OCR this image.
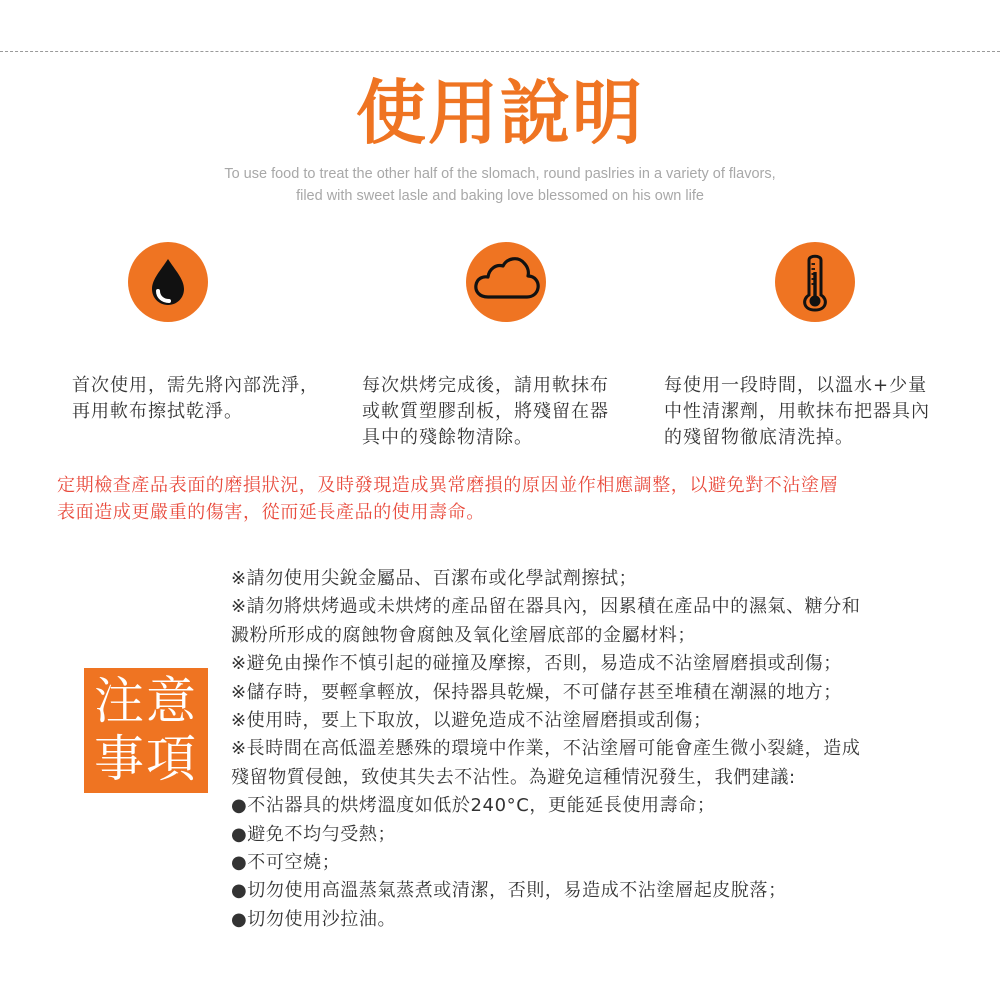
使用說明
To use food to treat the other half of the slomach, round paslries in a variety of flavors,
filed with sweet lasle and baking love blessomed on his own life
首次使用，需先將內部洗淨，
再用軟布擦拭乾淨。
每次烘烤完成後，請用軟抹布
或軟質塑膠刮板，將殘留在器
具中的殘餘物清除。
每使用一段時間，以溫水+少量
中性清潔劑，用軟抹布把器具內
的殘留物徹底清洗掉。
定期檢查產品表面的磨損狀況，及時發現造成異常磨損的原因並作相應調整，以避免對不沾塗層
表面造成更嚴重的傷害，從而延長產品的使用壽命。
注意
事項
※請勿使用尖銳金屬品、百潔布或化學試劑擦拭；
※請勿將烘烤過或未烘烤的產品留在器具內，因累積在產品中的濕氣、糖分和
澱粉所形成的腐蝕物會腐蝕及氧化塗層底部的金屬材料；
※避免由操作不慎引起的碰撞及摩擦，否則，易造成不沾塗層磨損或刮傷；
※儲存時，要輕拿輕放，保持器具乾燥，不可儲存甚至堆積在潮濕的地方；
※使用時，要上下取放，以避免造成不沾塗層磨損或刮傷；
※長時間在高低溫差懸殊的環境中作業，不沾塗層可能會產生微小裂縫，造成
殘留物質侵蝕，致使其失去不沾性。為避免這種情況發生，我們建議:
●不沾器具的烘烤溫度如低於240°C，更能延長使用壽命；
●避免不均勻受熱；
●不可空燒；
●切勿使用高溫蒸氣蒸煮或清潔，否則，易造成不沾塗層起皮脫落；
●切勿使用沙拉油。
